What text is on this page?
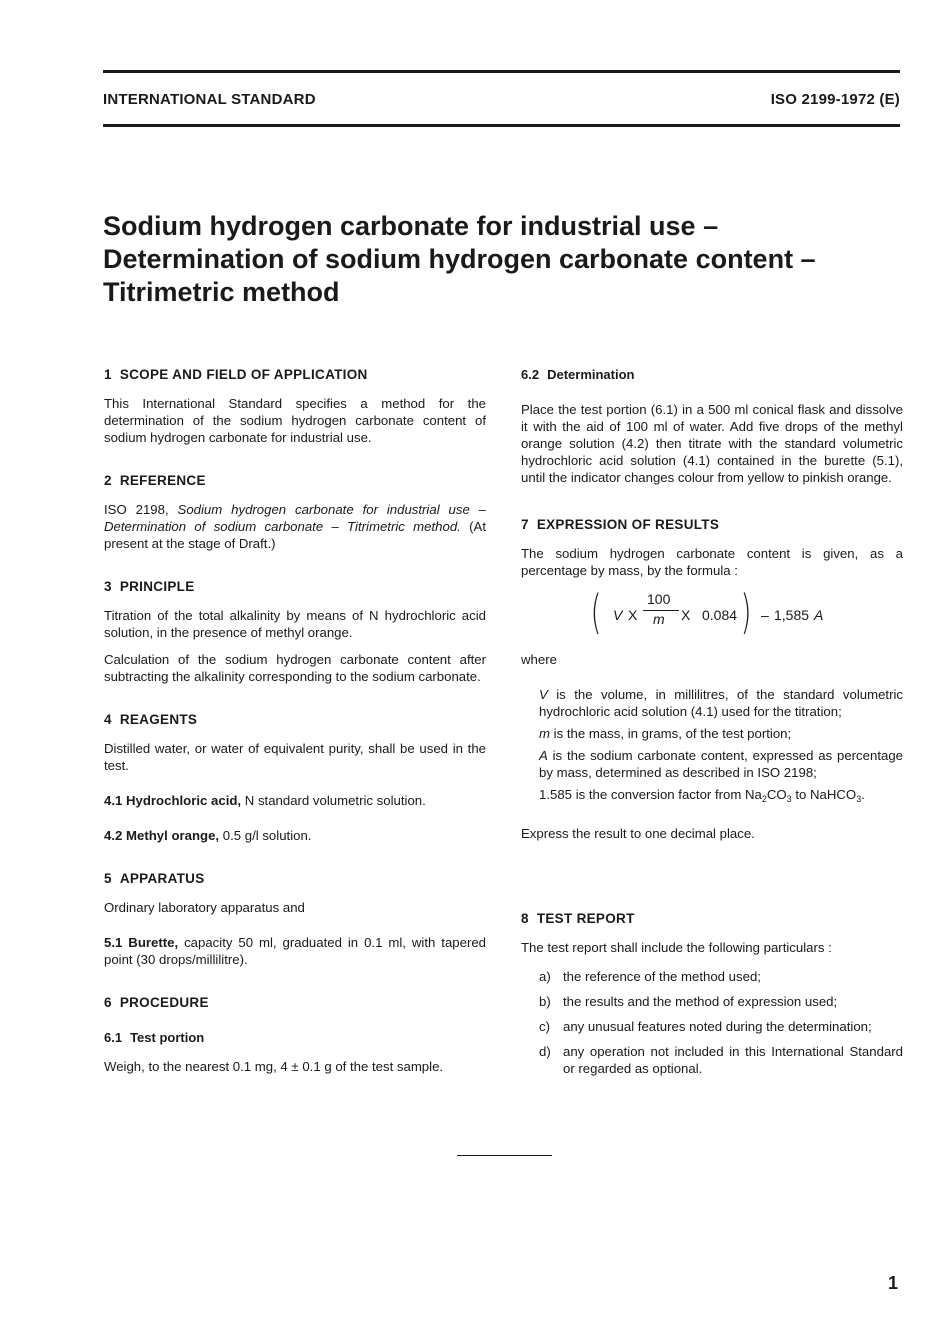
INTERNATIONAL STANDARD	ISO 2199-1972 (E)
Sodium hydrogen carbonate for industrial use –
Determination of sodium hydrogen carbonate content –
Titrimetric method
1 SCOPE AND FIELD OF APPLICATION

This International Standard specifies a method for the determination of the sodium hydrogen carbonate content of sodium hydrogen carbonate for industrial use.

2 REFERENCE

ISO 2198, Sodium hydrogen carbonate for industrial use – Determination of sodium carbonate – Titrimetric method. (At present at the stage of Draft.)

3 PRINCIPLE

Titration of the total alkalinity by means of N hydrochloric acid solution, in the presence of methyl orange.

Calculation of the sodium hydrogen carbonate content after subtracting the alkalinity corresponding to the sodium carbonate.

4 REAGENTS

Distilled water, or water of equivalent purity, shall be used in the test.

4.1 Hydrochloric acid, N standard volumetric solution.

4.2 Methyl orange, 0.5 g/l solution.

5 APPARATUS

Ordinary laboratory apparatus and

5.1 Burette, capacity 50 ml, graduated in 0.1 ml, with tapered point (30 drops/millilitre).

6 PROCEDURE
6.1 Test portion

Weigh, to the nearest 0.1 mg, 4 ± 0.1 g of the test sample.

6.2 Determination

Place the test portion (6.1) in a 500 ml conical flask and dissolve it with the aid of 100 ml of water. Add five drops of the methyl orange solution (4.2) then titrate with the standard volumetric hydrochloric acid solution (4.1) contained in the burette (5.1), until the indicator changes colour from yellow to pinkish orange.

7 EXPRESSION OF RESULTS

The sodium hydrogen carbonate content is given, as a percentage by mass, by the formula :

( V X
100
m X 0.084 ) – 1,585 A

where

V is the volume, in millilitres, of the standard volumetric hydrochloric acid solution (4.1) used for the titration;

m is the mass, in grams, of the test portion;

A is the sodium carbonate content, expressed as percentage by mass, determined as described in ISO 2198;

1.585 is the conversion factor from $Na_2CO_3$ to NaHCO$_3$.

Express the result to one decimal place.

8 TEST REPORT

The test report shall include the following particulars :

a) the reference of the method used;
b) the results and the method of expression used;
c) any unusual features noted during the determination;
d) any operation not included in this International Standard or regarded as optional.
1
